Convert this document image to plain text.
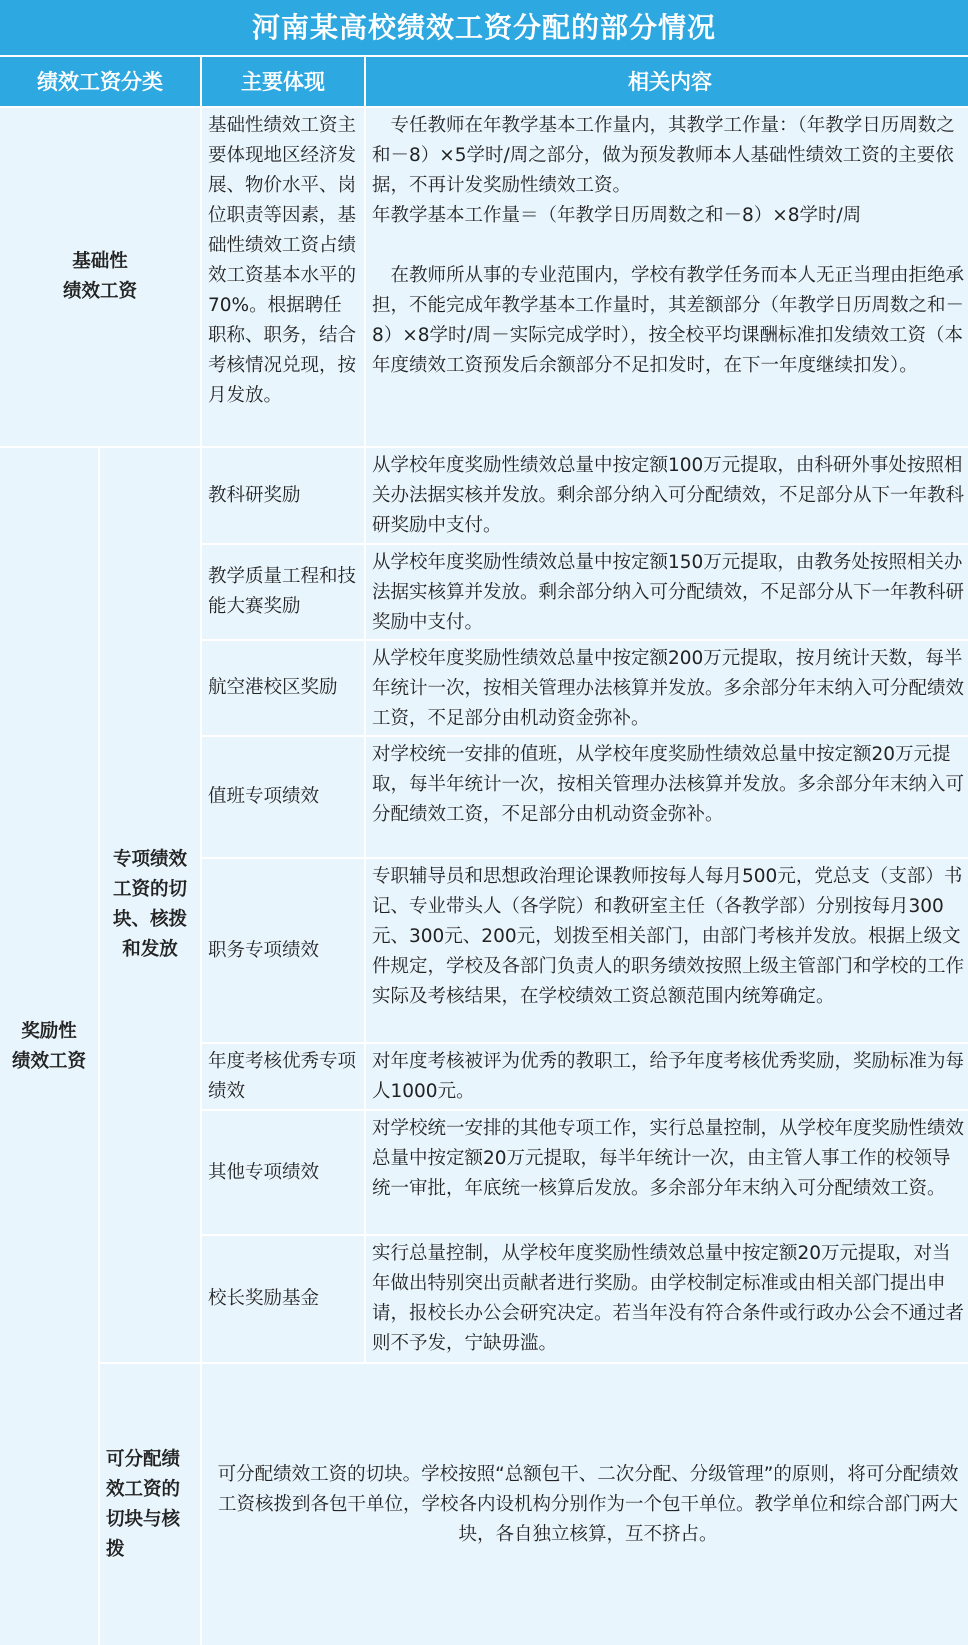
河南某高校绩效工资分配的部分情况
绩效工资分类	主要体现	相关内容
基础性
绩效工资
基础性绩效工资主要体现地区经济发展、物价水平、岗位职责等因素，基础性绩效工资占绩效工资基本水平的70%。根据聘任职称、职务，结合考核情况兑现，按月发放。

专任教师在年教学基本工作量内，其教学工作量：（年教学日历周数之和－8）×5学时/周之部分，做为预发教师本人基础性绩效工资的主要依据，不再计发奖励性绩效工资。

年教学基本工作量＝（年教学日历周数之和－8）×8学时/周

在教师所从事的专业范围内，学校有教学任务而本人无正当理由拒绝承担，不能完成年教学基本工作量时，其差额部分（年教学日历周数之和－8）×8学时/周－实际完成学时），按全校平均课酬标准扣发绩效工资（本年度绩效工资预发后余额部分不足扣发时，在下一年度继续扣发）。

奖励性
绩效工资
专项绩效工资的切块、核拨和发放
教科研奖励
从学校年度奖励性绩效总量中按定额100万元提取，由科研外事处按照相关办法据实核并发放。剩余部分纳入可分配绩效，不足部分从下一年教科研奖励中支付。
教学质量工程和技能大赛奖励
从学校年度奖励性绩效总量中按定额150万元提取，由教务处按照相关办法据实核算并发放。剩余部分纳入可分配绩效，不足部分从下一年教科研奖励中支付。
航空港校区奖励
从学校年度奖励性绩效总量中按定额200万元提取，按月统计天数，每半年统计一次，按相关管理办法核算并发放。多余部分年末纳入可分配绩效工资，不足部分由机动资金弥补。
值班专项绩效
对学校统一安排的值班，从学校年度奖励性绩效总量中按定额20万元提取，每半年统计一次，按相关管理办法核算并发放。多余部分年末纳入可分配绩效工资，不足部分由机动资金弥补。
职务专项绩效
专职辅导员和思想政治理论课教师按每人每月500元，党总支（支部）书记、专业带头人（各学院）和教研室主任（各教学部）分别按每月300元、300元、200元，划拨至相关部门，由部门考核并发放。根据上级文件规定，学校及各部门负责人的职务绩效按照上级主管部门和学校的工作实际及考核结果，在学校绩效工资总额范围内统筹确定。
年度考核优秀专项绩效
对年度考核被评为优秀的教职工，给予年度考核优秀奖励，奖励标准为每人1000元。
其他专项绩效
对学校统一安排的其他专项工作，实行总量控制，从学校年度奖励性绩效总量中按定额20万元提取，每半年统计一次，由主管人事工作的校领导统一审批，年底统一核算后发放。多余部分年末纳入可分配绩效工资。
校长奖励基金
实行总量控制，从学校年度奖励性绩效总量中按定额20万元提取，对当年做出特别突出贡献者进行奖励。由学校制定标准或由相关部门提出申请，报校长办公会研究决定。若当年没有符合条件或行政办公会不通过者则不予发，宁缺毋滥。
可分配绩效工资的切块与核拨
可分配绩效工资的切块。学校按照“总额包干、二次分配、分级管理”的原则，将可分配绩效工资核拨到各包干单位，学校各内设机构分别作为一个包干单位。教学单位和综合部门两大块，各自独立核算，互不挤占。
